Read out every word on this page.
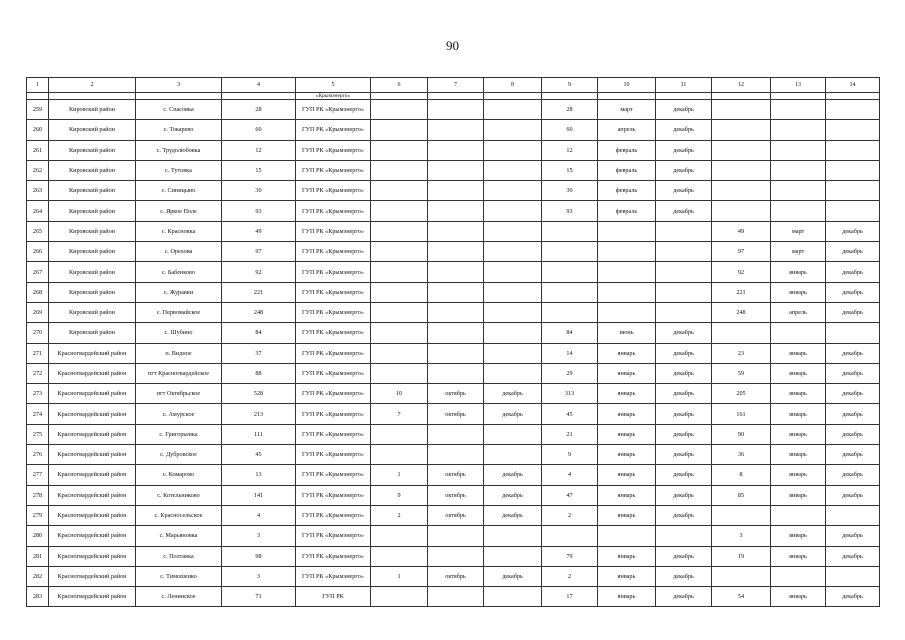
90
1	2	3	4	5	6	7	8	9	10	11	12	13	14
				«Крымэнерго»									
259	Кировский район	с. Спасовка	28	ГУП РК «Крымэнерго»				28	март	декабрь			
260	Кировский район	с. Токарево	60	ГУП РК «Крымэнерго»				60	апрель	декабрь			
261	Кировский район	с. Трудолюбовка	12	ГУП РК «Крымэнерго»				12	февраль	декабрь			
262	Кировский район	с. Тутовка	15	ГУП РК «Крымэнерго»				15	февраль	декабрь			
263	Кировский район	с. Синицыно	30	ГУП РК «Крымэнерго»				30	февраль	декабрь			
264	Кировский район	с. Яркое Поле	93	ГУП РК «Крымэнерго»				93	февраль	декабрь			
265	Кировский район	с. Красновка	49	ГУП РК «Крымэнерго»							49	март	декабрь
266	Кировский район	с. Орехова	97	ГУП РК «Крымэнерго»							97	март	декабрь
267	Кировский район	с. Бабенково	92	ГУП РК «Крымэнерго»							92	январь	декабрь
268	Кировский район	с. Журавки	221	ГУП РК «Крымэнерго»							221	январь	декабрь
269	Кировский район	с. Первомайское	248	ГУП РК «Крымэнерго»							248	апрель	декабрь
270	Кировский район	с. Шубино	84	ГУП РК «Крымэнерго»				84	июнь	декабрь			
271	Красногвардейский район	п. Видное	37	ГУП РК «Крымэнерго»				14	январь	декабрь	23	январь	декабрь
272	Красногвардейский район	пгт Красногвардейское	88	ГУП РК «Крымэнерго»				29	январь	декабрь	59	январь	декабрь
273	Красногвардейский район	пгт Октябрьское	528	ГУП РК «Крымэнерго»	10	октябрь	декабрь	313	январь	декабрь	205	январь	декабрь
274	Красногвардейский район	с. Амурское	213	ГУП РК «Крымэнерго»	7	октябрь	декабрь	45	январь	декабрь	161	январь	декабрь
275	Красногвардейский район	с. Григорьевка	111	ГУП РК «Крымэнерго»				21	январь	декабрь	90	январь	декабрь
276	Красногвардейский район	с. Дубровское	45	ГУП РК «Крымэнерго»				9	январь	декабрь	36	январь	декабрь
277	Красногвардейский район	с. Комарово	13	ГУП РК «Крымэнерго»	1	октябрь	декабрь	4	январь	декабрь	8	январь	декабрь
278	Красногвардейский район	с. Котельниково	141	ГУП РК «Крымэнерго»	9	октябрь	декабрь	47	январь	декабрь	85	январь	декабрь
279	Красногвардейский район	с. Красносельское	4	ГУП РК «Крымэнерго»	2	октябрь	декабрь	2	январь	декабрь			
280	Красногвардейский район	с. Марьяновка	3	ГУП РК «Крымэнерго»							3	январь	декабрь
281	Красногвардейский район	с. Полтавка	98	ГУП РК «Крымэнерго»				79	январь	декабрь	19	январь	декабрь
282	Красногвардейский район	с. Тимошенко	3	ГУП РК «Крымэнерго»	1	октябрь	декабрь	2	январь	декабрь			
283	Красногвардейский район	с. Ленинское	71	ГУП РК				17	январь	декабрь	54	январь	декабрь
